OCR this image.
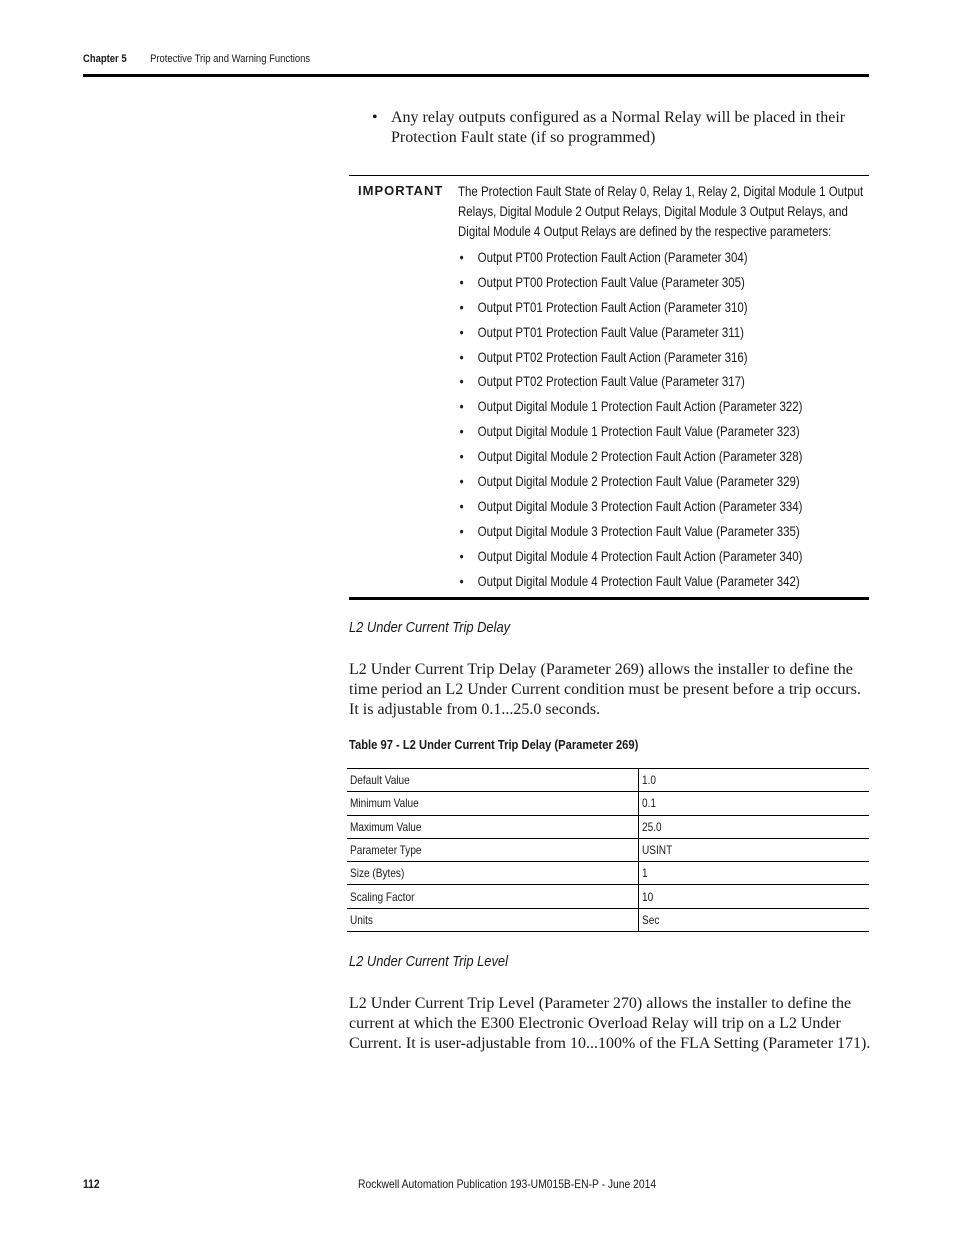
Chapter 5 Protective Trip and Warning Functions
• Any relay outputs configured as a Normal Relay will be placed in their Protection Fault state (if so programmed)
IMPORTANT The Protection Fault State of Relay 0, Relay 1, Relay 2, Digital Module 1 Output Relays, Digital Module 2 Output Relays, Digital Module 3 Output Relays, and Digital Module 4 Output Relays are defined by the respective parameters:
• Output PT00 Protection Fault Action (Parameter 304)
• Output PT00 Protection Fault Value (Parameter 305)
• Output PT01 Protection Fault Action (Parameter 310)
• Output PT01 Protection Fault Value (Parameter 311)
• Output PT02 Protection Fault Action (Parameter 316)
• Output PT02 Protection Fault Value (Parameter 317)
• Output Digital Module 1 Protection Fault Action (Parameter 322)
• Output Digital Module 1 Protection Fault Value (Parameter 323)
• Output Digital Module 2 Protection Fault Action (Parameter 328)
• Output Digital Module 2 Protection Fault Value (Parameter 329)
• Output Digital Module 3 Protection Fault Action (Parameter 334)
• Output Digital Module 3 Protection Fault Value (Parameter 335)
• Output Digital Module 4 Protection Fault Action (Parameter 340)
• Output Digital Module 4 Protection Fault Value (Parameter 342)
L2 Under Current Trip Delay
L2 Under Current Trip Delay (Parameter 269) allows the installer to define the time period an L2 Under Current condition must be present before a trip occurs. It is adjustable from 0.1...25.0 seconds.
Table 97 - L2 Under Current Trip Delay (Parameter 269)
Default Value	1.0
Minimum Value	0.1
Maximum Value	25.0
Parameter Type	USINT
Size (Bytes)	1
Scaling Factor	10
Units	Sec
L2 Under Current Trip Level
L2 Under Current Trip Level (Parameter 270) allows the installer to define the current at which the E300 Electronic Overload Relay will trip on a L2 Under Current. It is user-adjustable from 10...100% of the FLA Setting (Parameter 171).
112	Rockwell Automation Publication 193-UM015B-EN-P - June 2014
